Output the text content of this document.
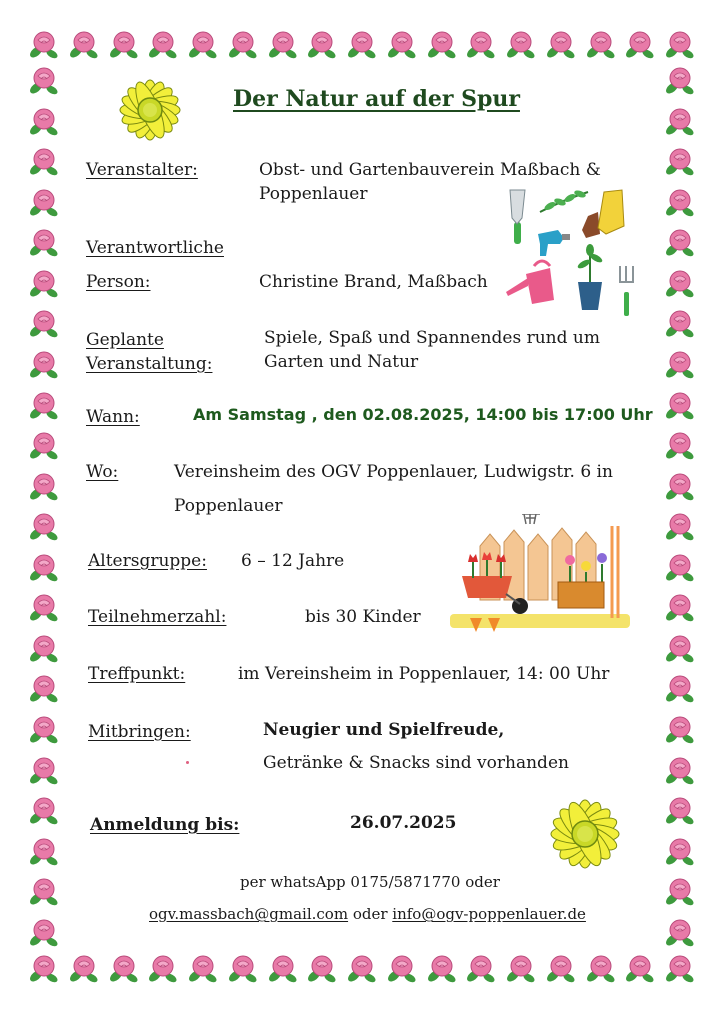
Der Natur auf der Spur
Veranstalter:	Obst- und Gartenbauverein Maßbach &
Poppenlauer
Verantwortliche
Person:	Christine Brand, Maßbach
Geplante
Veranstaltung:
Spiele, Spaß und Spannendes rund um
Garten und Natur
Wann:	Am Samstag , den 02.08.2025, 14:00 bis 17:00 Uhr
Wo:	Vereinsheim des OGV Poppenlauer, Ludwigstr. 6 in
Poppenlauer
Altersgruppe: 6 – 12 Jahre
Teilnehmerzahl:	bis 30 Kinder
Treffpunkt:	im Vereinsheim in Poppenlauer, 14: 00 Uhr
Mitbringen:	Neugier und Spielfreude,
Getränke & Snacks sind vorhanden
Anmeldung bis:	26.07.2025
per whatsApp 0175/5871770 oder
ogv.massbach@gmail.com oder info@ogv-poppenlauer.de
